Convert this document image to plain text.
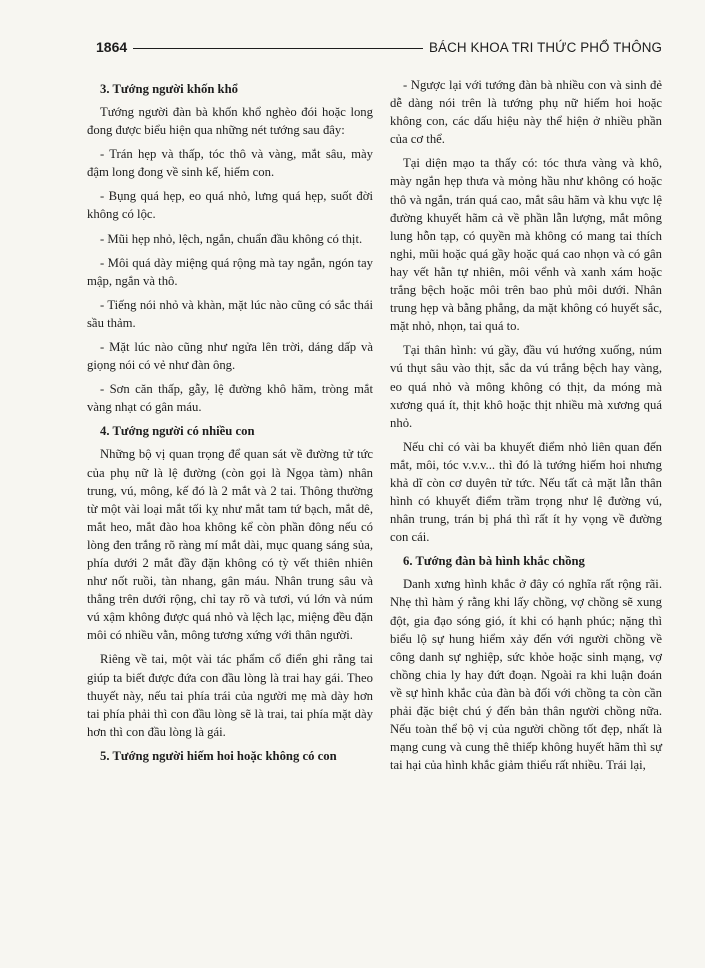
1864	BÁCH KHOA TRI THỨC PHỔ THÔNG
3. Tướng người khốn khổ

Tướng người đàn bà khốn khổ nghèo đói hoặc long đong được biểu hiện qua những nét tướng sau đây:

- Trán hẹp và thấp, tóc thô và vàng, mắt sâu, mày đậm long đong về sinh kế, hiếm con.

- Bụng quá hẹp, eo quá nhỏ, lưng quá hẹp, suốt đời không có lộc.

- Mũi hẹp nhỏ, lệch, ngắn, chuẩn đầu không có thịt.

- Môi quá dày miệng quá rộng mà tay ngắn, ngón tay mập, ngắn và thô.

- Tiếng nói nhỏ và khàn, mặt lúc nào cũng có sắc thái sầu thảm.

- Mặt lúc nào cũng như ngửa lên trời, dáng dấp và giọng nói có vẻ như đàn ông.

- Sơn căn thấp, gẫy, lệ đường khô hãm, tròng mắt vàng nhạt có gân máu.

4. Tướng người có nhiều con

Những bộ vị quan trọng để quan sát về đường tử tức của phụ nữ là lệ đường (còn gọi là Ngọa tàm) nhân trung, vú, mông, kế đó là 2 mắt và 2 tai. Thông thường từ một vài loại mắt tối kỵ như mắt tam tứ bạch, mắt dê, mắt heo, mắt đào hoa không kể còn phần đông nếu có lòng đen trắng rõ ràng mí mắt dài, mục quang sáng sủa, phía dưới 2 mắt đầy đặn không có tỳ vết thiên nhiên như nốt ruồi, tàn nhang, gân máu. Nhân trung sâu và thẳng trên dưới rộng, chỉ tay rõ và tươi, vú lớn và núm vú xậm không được quá nhỏ và lệch lạc, miệng đều đặn môi có nhiều vằn, mông tương xứng với thân người.

Riêng về tai, một vài tác phẩm cổ điển ghi rằng tai giúp ta biết được đứa con đầu lòng là trai hay gái. Theo thuyết này, nếu tai phía trái của người mẹ mà dày hơn tai phía phải thì con đầu lòng sẽ là trai, tai phía mặt dày hơn thì con đầu lòng là gái.

5. Tướng người hiếm hoi hoặc không có con

- Ngược lại với tướng đàn bà nhiều con và sinh đẻ dễ dàng nói trên là tướng phụ nữ hiếm hoi hoặc không con, các dấu hiệu này thể hiện ở nhiều phần của cơ thể.

Tại diện mạo ta thấy có: tóc thưa vàng và khô, mày ngắn hẹp thưa và mỏng hầu như không có hoặc thô và ngắn, trán quá cao, mắt sâu hãm và khu vực lệ đường khuyết hãm cả về phần lẫn lượng, mắt mông lung hỗn tạp, có quyền mà không có mang tai thích nghi, mũi hoặc quá gầy hoặc quá cao nhọn và có gân hay vết hằn tự nhiên, môi vểnh và xanh xám hoặc trắng bệch hoặc môi trên bao phủ môi dưới. Nhân trung hẹp và bằng phẳng, da mặt không có huyết sắc, mặt nhỏ, nhọn, tai quá to.

Tại thân hình: vú gầy, đầu vú hướng xuống, núm vú thụt sâu vào thịt, sắc da vú trắng bệch hay vàng, eo quá nhỏ và mông không có thịt, da móng mà xương quá ít, thịt khô hoặc thịt nhiều mà xương quá nhỏ.

Nếu chỉ có vài ba khuyết điểm nhỏ liên quan đến mắt, môi, tóc v.v.v... thì đó là tướng hiếm hoi nhưng khả dĩ còn cơ duyên tử tức. Nếu tất cả mặt lẫn thân hình có khuyết điểm trầm trọng như lệ đường vú, nhân trung, trán bị phá thì rất ít hy vọng về đường con cái.

6. Tướng đàn bà hình khắc chồng

Danh xưng hình khắc ở đây có nghĩa rất rộng rãi. Nhẹ thì hàm ý rằng khi lấy chồng, vợ chồng sẽ xung đột, gia đạo sóng gió, ít khi có hạnh phúc; nặng thì biểu lộ sự hung hiểm xảy đến với người chồng về công danh sự nghiệp, sức khỏe hoặc sinh mạng, vợ chồng chia ly hay đứt đoạn. Ngoài ra khi luận đoán về sự hình khắc của đàn bà đối với chồng ta còn cần phải đặc biệt chú ý đến bản thân người chồng nữa. Nếu toàn thể bộ vị của người chồng tốt đẹp, nhất là mạng cung và cung thê thiếp không huyết hãm thì sự tai hại của hình khắc giảm thiểu rất nhiều. Trái lại,
